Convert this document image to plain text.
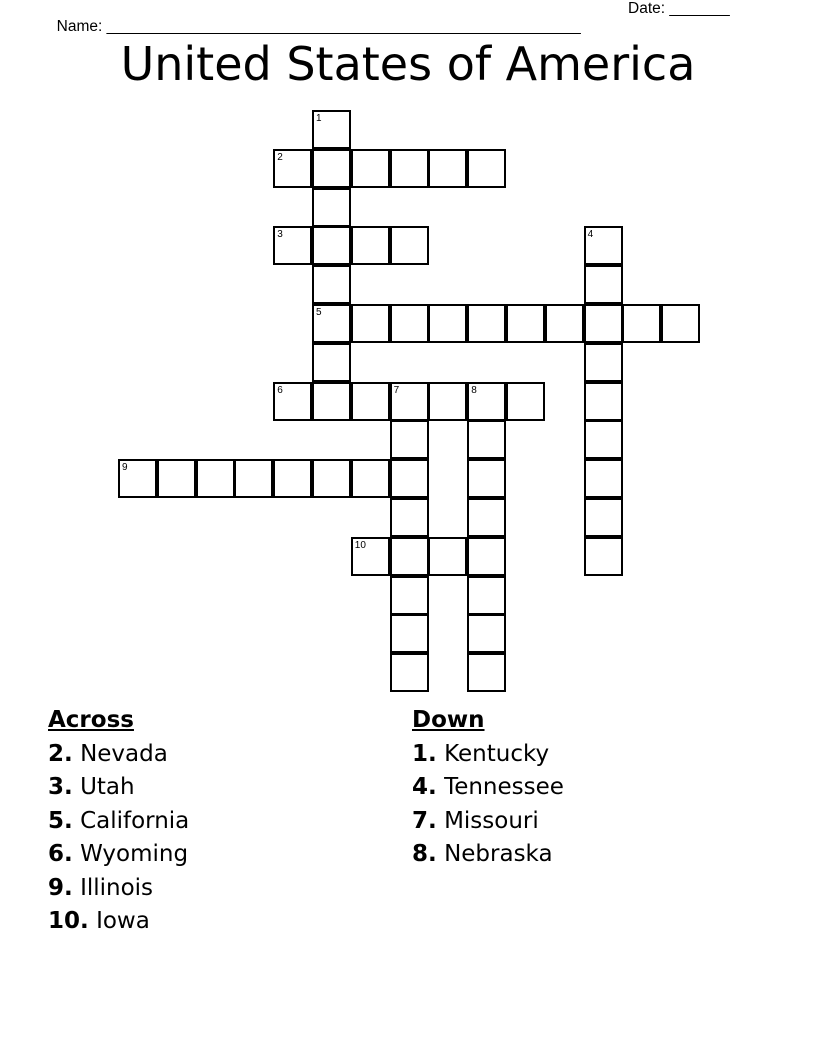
Name: _______________________________________________________

Date: _______

United States of America
1
5
2
3	4
6	7	8
9
10
Across
2. Nevada
3. Utah
5. California
6. Wyoming
9. Illinois
10. Iowa
Down
1. Kentucky
4. Tennessee
7. Missouri
8. Nebraska
